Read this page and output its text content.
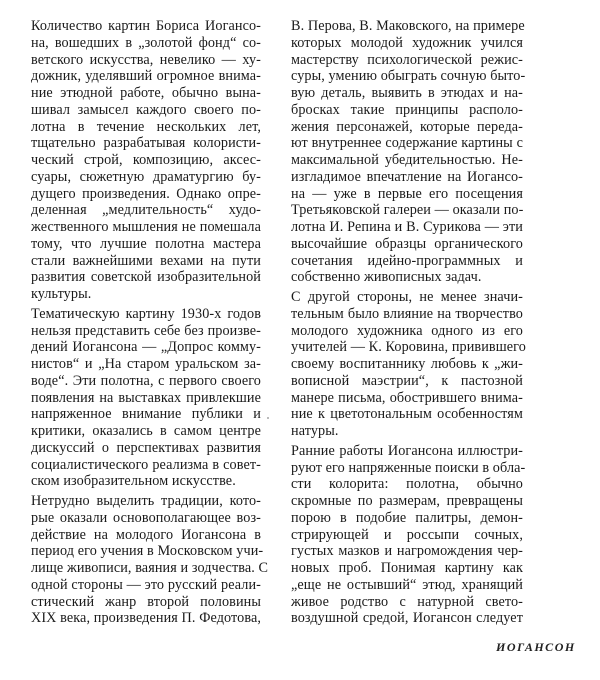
Количество картин Бориса Иогансо-
на, вошедших в „золотой фонд“ со-
ветского искусства, невелико — ху-
дожник, уделявший огромное внима-
ние этюдной работе, обычно вына-
шивал замысел каждого своего по-
лотна в течение нескольких лет,
тщательно разрабатывая колористи-
ческий строй, композицию, аксес-
суары, сюжетную драматургию бу-
дущего произведения. Однако опре-
деленная „медлительность“ худо-
жественного мышления не помешала
тому, что лучшие полотна мастера
стали важнейшими вехами на пути
развития советской изобразительной
культуры.
Тематическую картину 1930-х годов
нельзя представить себе без произве-
дений Иогансона — „Допрос комму-
нистов“ и „На старом уральском за-
воде“. Эти полотна, с первого своего
появления на выставках привлекшие
напряженное внимание публики и
критики, оказались в самом центре
дискуссий о перспективах развития
социалистического реализма в совет-
ском изобразительном искусстве.
Нетрудно выделить традиции, кото-
рые оказали основополагающее воз-
действие на молодого Иогансона в
период его учения в Московском учи-
лище живописи, ваяния и зодчества. С
одной стороны — это русский реали-
стический жанр второй половины
XIX века, произведения П. Федотова,
В. Перова, В. Маковского, на примере
которых молодой художник учился
мастерству психологической режис-
суры, умению обыграть сочную быто-
вую деталь, выявить в этюдах и на-
бросках такие принципы располо-
жения персонажей, которые переда-
ют внутреннее содержание картины с
максимальной убедительностью. Не-
изгладимое впечатление на Иогансо-
на — уже в первые его посещения
Третьяковской галереи — оказали по-
лотна И. Репина и В. Сурикова — эти
высочайшие образцы органического
сочетания идейно-программных и
собственно живописных задач.
С другой стороны, не менее значи-
тельным было влияние на творчество
молодого художника одного из его
учителей — К. Коровина, привившего
своему воспитаннику любовь к „жи-
вописной маэстрии“, к пастозной
манере письма, обострившего внима-
ние к цветотональным особенностям
натуры.
Ранние работы Иогансона иллюстри-
руют его напряженные поиски в обла-
сти колорита: полотна, обычно
скромные по размерам, превращены
порою в подобие палитры, демон-
стрирующей и россыпи сочных,
густых мазков и нагромождения чер-
новых проб. Понимая картину как
„еще не остывший“ этюд, хранящий
живое родство с натурной свето-
воздушной средой, Иогансон следует
ИОГАНСОН
